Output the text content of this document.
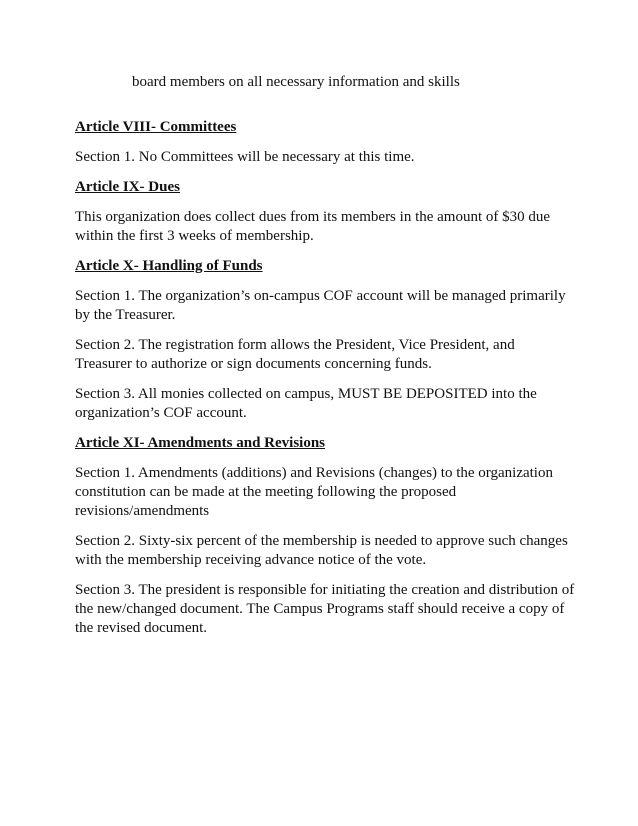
board members on all necessary information and skills

Article VIII- Committees

Section 1. No Committees will be necessary at this time.

Article IX- Dues

This organization does collect dues from its members in the amount of $30 due within the first 3 weeks of membership.

Article X- Handling of Funds

Section 1. The organization’s on-campus COF account will be managed primarily by the Treasurer.

Section 2. The registration form allows the President, Vice President, and Treasurer to authorize or sign documents concerning funds.

Section 3. All monies collected on campus, MUST BE DEPOSITED into the organization’s COF account.

Article XI- Amendments and Revisions

Section 1. Amendments (additions) and Revisions (changes) to the organization constitution can be made at the meeting following the proposed revisions/amendments

Section 2. Sixty-six percent of the membership is needed to approve such changes with the membership receiving advance notice of the vote.

Section 3. The president is responsible for initiating the creation and distribution of the new/changed document. The Campus Programs staff should receive a copy of the revised document.
